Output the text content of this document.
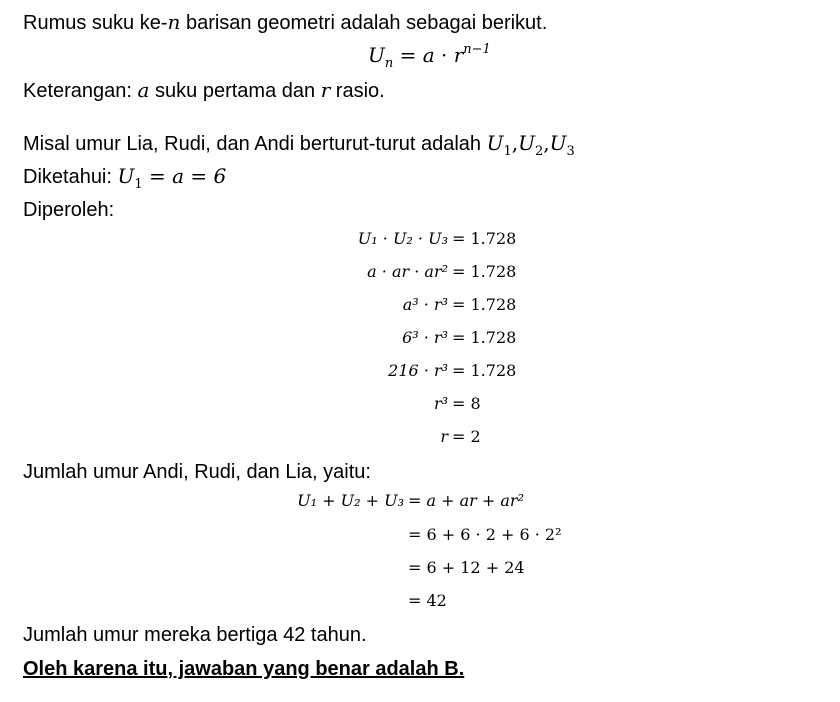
Rumus suku ke-n barisan geometri adalah sebagai berikut.
$U_n = a \cdot r^{n-1}$
Keterangan: a suku pertama dan r rasio.
Misal umur Lia, Rudi, dan Andi berturut-turut adalah $U_1,U_2,U_3$
Diketahui: $U_1 = a = 6$
Diperoleh:
U₁ · U₂ · U₃ = 1.728
a · ar · ar² = 1.728
a³ · r³ = 1.728
6³ · r³ = 1.728
216 · r³ = 1.728
r³ = 8
r = 2
Jumlah umur Andi, Rudi, dan Lia, yaitu:
U₁ + U₂ + U₃ = a + ar + ar²
= 6 + 6 · 2 + 6 · 2²
= 6 + 12 + 24
= 42
Jumlah umur mereka bertiga 42 tahun.
Oleh karena itu, jawaban yang benar adalah B.
